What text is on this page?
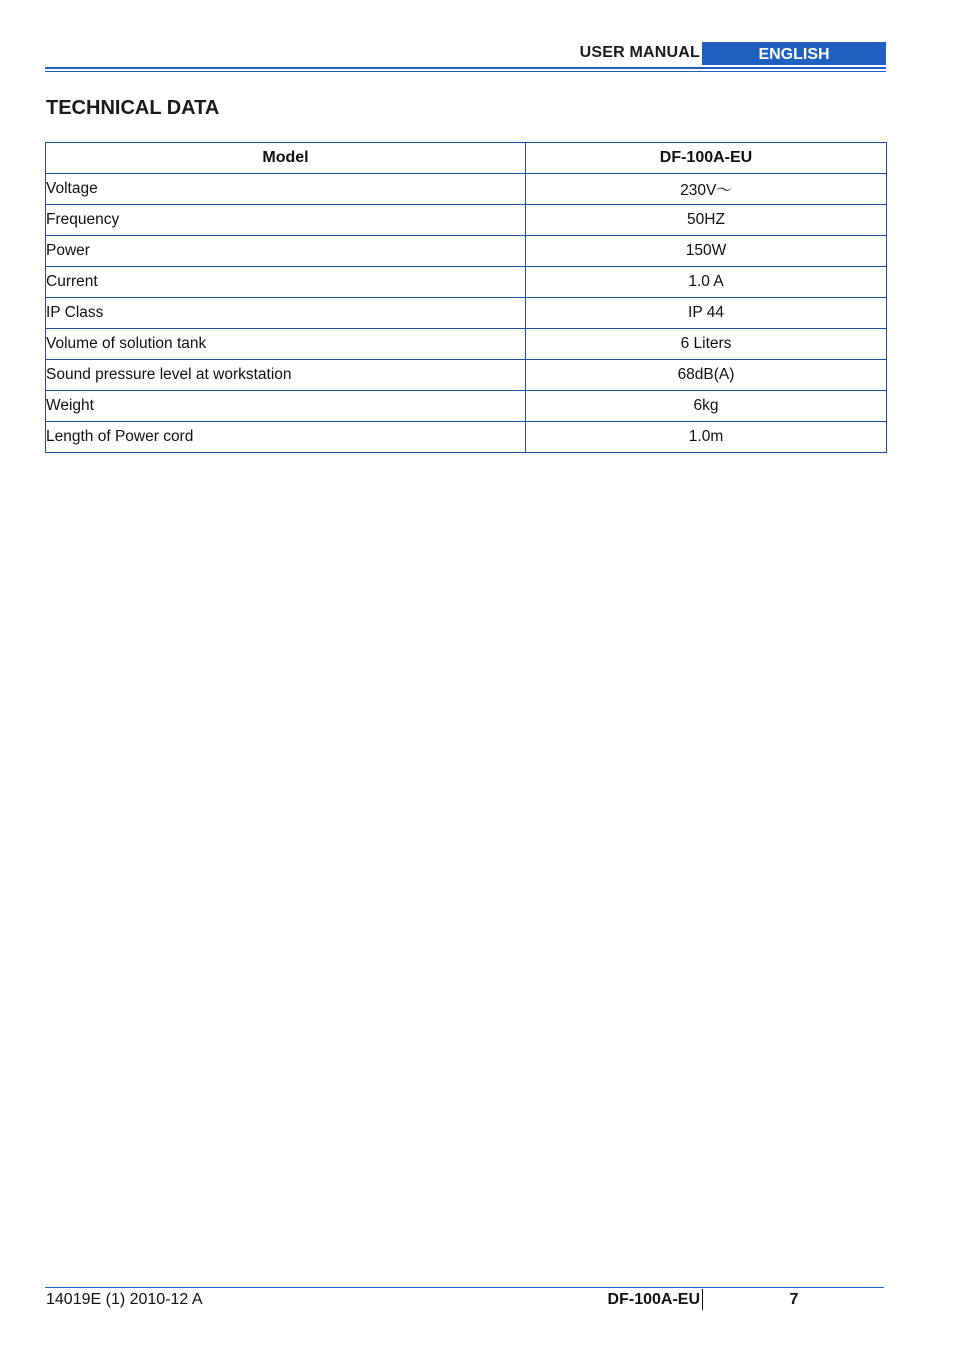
USER MANUAL	ENGLISH
TECHNICAL DATA
Model	DF-100A-EU
Voltage	230V～
Frequency	50HZ
Power	150W
Current	1.0 A
IP Class	IP 44
Volume of solution tank	6 Liters
Sound pressure level at workstation	68dB(A)
Weight	6kg
Length of Power cord	1.0m
14019E (1) 2010-12 A	DF-100A-EU	7
